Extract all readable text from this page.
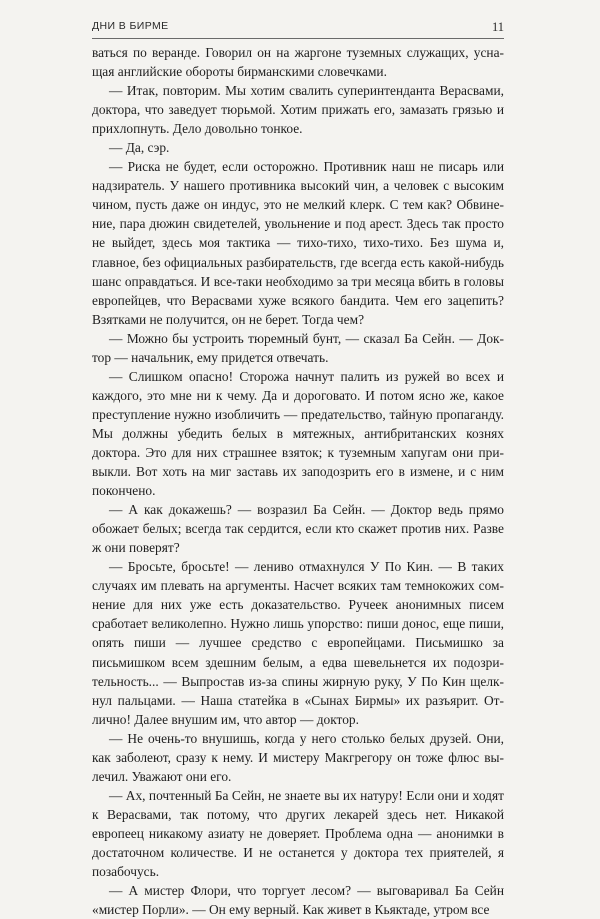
ДНИ В БИРМЕ	11

ваться по веранде. Говорил он на жаргоне туземных служащих, уснащая английские обороты бирманскими словечками.

— Итак, повторим. Мы хотим свалить суперинтенданта Верасвами, доктора, что заведует тюрьмой. Хотим прижать его, замазать грязью и прихлопнуть. Дело довольно тонкое.

— Да, сэр.

— Риска не будет, если осторожно. Противник наш не писарь или надзиратель. У нашего противника высокий чин, а человек с высоким чином, пусть даже он индус, это не мелкий клерк. С тем как? Обвинение, пара дюжин свидетелей, увольнение и под арест. Здесь так просто не выйдет, здесь моя тактика — тихо-тихо, тихо-тихо. Без шума и, главное, без официальных разбирательств, где всегда есть какой-нибудь шанс оправдаться. И все-таки необходимо за три месяца вбить в головы европейцев, что Верасвами хуже всякого бандита. Чем его зацепить? Взятками не получится, он не берет. Тогда чем?

— Можно бы устроить тюремный бунт, — сказал Ба Сейн. — Доктор — начальник, ему придется отвечать.

— Слишком опасно! Сторожа начнут палить из ружей во всех и каждого, это мне ни к чему. Да и дороговато. И потом ясно же, какое преступление нужно изобличить — предательство, тайную пропаганду. Мы должны убедить белых в мятежных, антибританских кознях доктора. Это для них страшнее взяток; к туземным хапугам они привыкли. Вот хоть на миг заставь их заподозрить его в измене, и с ним покончено.

— А как докажешь? — возразил Ба Сейн. — Доктор ведь прямо обожает белых; всегда так сердится, если кто скажет против них. Разве ж они поверят?

— Бросьте, бросьте! — лениво отмахнулся У По Кин. — В таких случаях им плевать на аргументы. Насчет всяких там темнокожих сомнение для них уже есть доказательство. Ручеек анонимных писем сработает великолепно. Нужно лишь упорство: пиши донос, еще пиши, опять пиши — лучшее средство с европейцами. Письмишко за письмишком всем здешним белым, а едва шевельнется их подозрительность... — Выпростав из-за спины жирную руку, У По Кин щелкнул пальцами. — Наша статейка в «Сынах Бирмы» их разъярит. Отлично! Далее внушим им, что автор — доктор.

— Не очень-то внушишь, когда у него столько белых друзей. Они, как заболеют, сразу к нему. И мистеру Макгрегору он тоже флюс вылечил. Уважают они его.

— Ах, почтенный Ба Сейн, не знаете вы их натуру! Если они и ходят к Верасвами, так потому, что других лекарей здесь нет. Никакой европеец никакому азиату не доверяет. Проблема одна — анонимки в достаточном количестве. И не останется у доктора тех приятелей, я позабочусь.

— А мистер Флори, что торгует лесом? — выговаривал Ба Сейн «мистер Порли». — Он ему верный. Как живет в Кьяктаде, утром все
